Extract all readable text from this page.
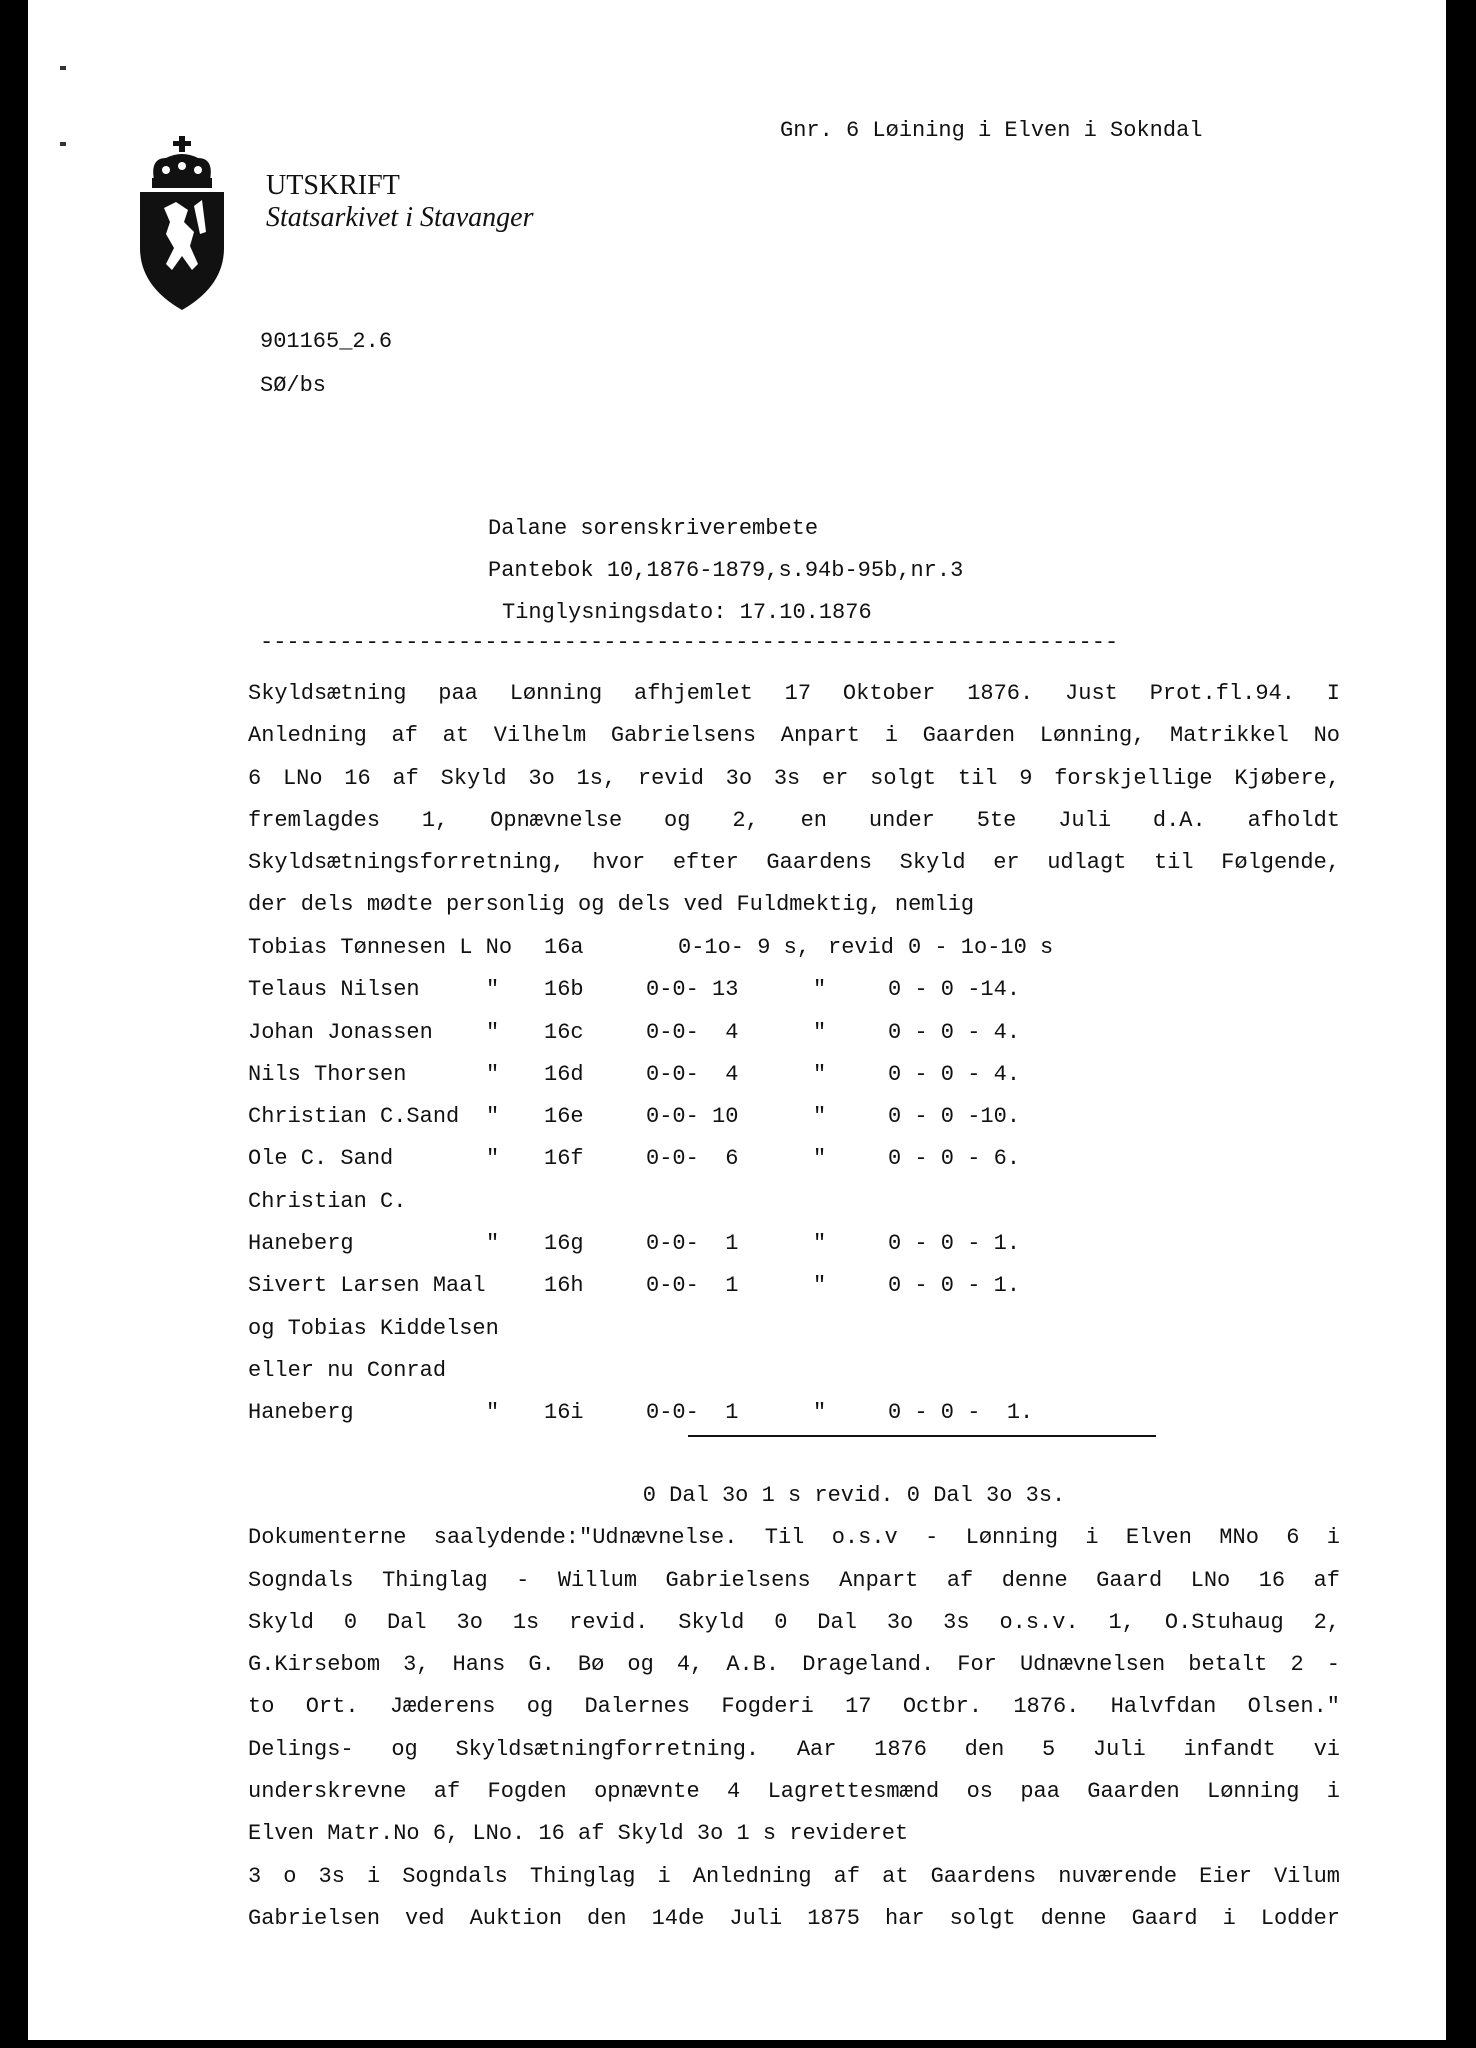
Gnr. 6 Løining i Elven i Sokndal
UTSKRIFT
Statsarkivet i Stavanger
901165_2.6
SØ/bs
Dalane sorenskriverembete
Pantebok 10,1876-1879,s.94b-95b,nr.3
Tinglysningsdato: 17.10.1876
-----------------------------------------------------------------
Skyldsætning paa Lønning afhjemlet 17 Oktober 1876. Just Prot.fl.94. I
Anledning af at Vilhelm Gabrielsens Anpart i Gaarden Lønning, Matrikkel No
6 LNo 16 af Skyld 3o 1s, revid 3o 3s er solgt til 9 forskjellige Kjøbere,
fremlagdes 1, Opnævnelse og 2, en under 5te Juli d.A. afholdt
Skyldsætningsforretning, hvor efter Gaardens Skyld er udlagt til Følgende,
der dels mødte personlig og dels ved Fuldmektig, nemlig
Tobias Tønnesen L No 16a	0-1o- 9 s, revid 0 - 1o-10 s
Telaus Nilsen	" 16b	0-0- 13	"	0 - 0 -14.
Johan Jonassen " 16c	0-0-  4	"	0 - 0 - 4.
Nils Thorsen	" 16d	0-0-  4	"	0 - 0 - 4.
Christian C.Sand " 16e	0-0- 10	"	0 - 0 -10.
Ole C. Sand	" 16f	0-0-  6	"	0 - 0 - 6.
Christian C.
Haneberg	" 16g	0-0-  1	"	0 - 0 - 1.
Sivert Larsen Maal	16h	0-0-  1	"	0 - 0 - 1.
og Tobias Kiddelsen
eller nu Conrad
Haneberg	" 16i	0-0-  1	"	0 - 0 -  1.
0 Dal 3o 1 s revid. 0 Dal 3o 3s.
Dokumenterne saalydende:"Udnævnelse. Til o.s.v - Lønning i Elven MNo 6 i
Sogndals Thinglag - Willum Gabrielsens Anpart af denne Gaard LNo 16 af
Skyld 0 Dal 3o 1s revid. Skyld 0 Dal 3o 3s o.s.v. 1, O.Stuhaug 2,
G.Kirsebom 3, Hans G. Bø og 4, A.B. Drageland. For Udnævnelsen betalt 2 -
to Ort. Jæderens og Dalernes Fogderi 17 Octbr. 1876. Halvfdan Olsen."
Delings- og Skyldsætningforretning. Aar 1876 den 5 Juli infandt vi
underskrevne af Fogden opnævnte 4 Lagrettesmænd os paa Gaarden Lønning i
Elven Matr.No 6, LNo. 16 af Skyld 3o 1 s revideret
3 o 3s i Sogndals Thinglag i Anledning af at Gaardens nuværende Eier Vilum
Gabrielsen ved Auktion den 14de Juli 1875 har solgt denne Gaard i Lodder
